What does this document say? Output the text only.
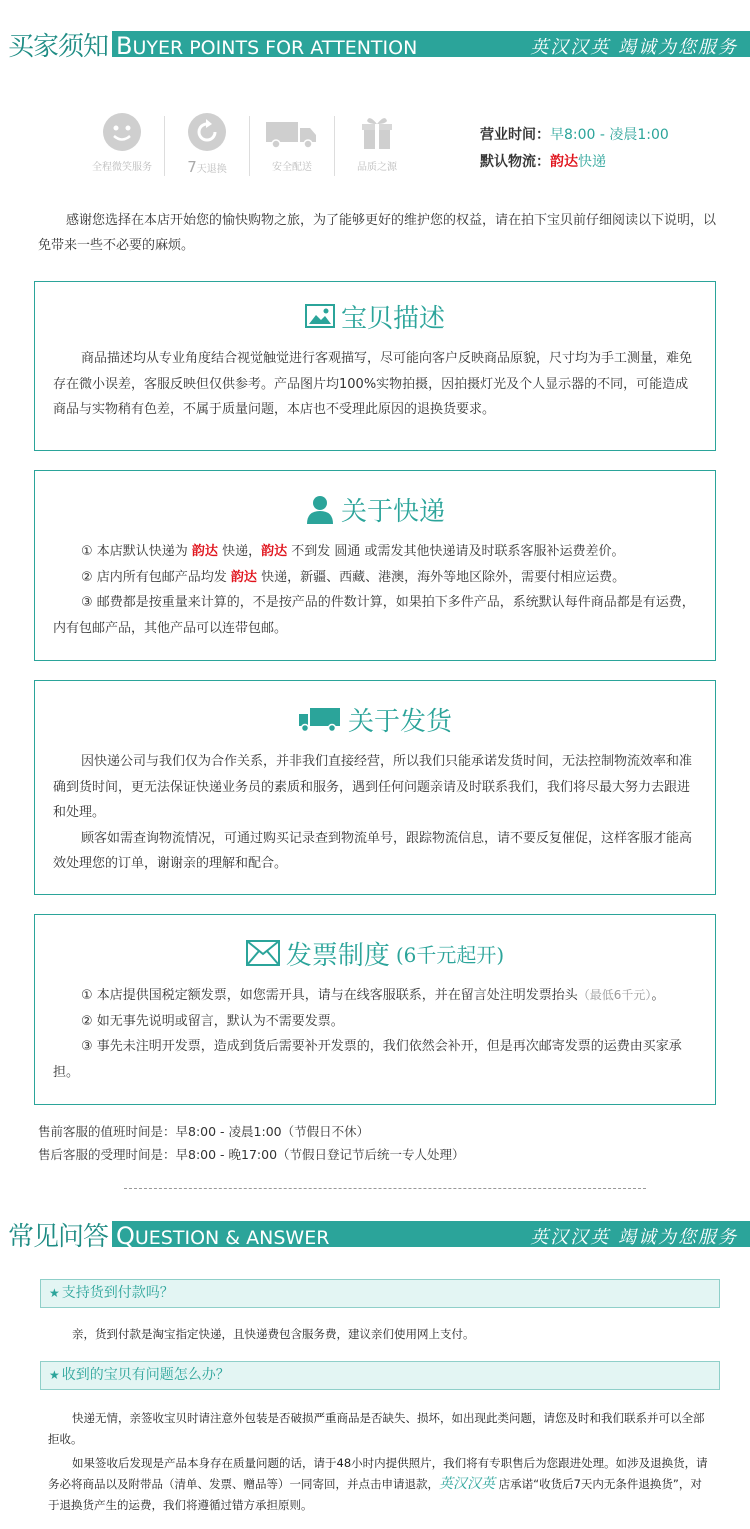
买家须知 BUYER POINTS FOR ATTENTION	英汉汉英 竭诚为您服务
全程微笑服务 7天退换	安全配送	品质之源
营业时间：早8:00 - 凌晨1:00
默认物流：韵达快递
感谢您选择在本店开始您的愉快购物之旅，为了能够更好的维护您的权益，请在拍下宝贝前仔细阅读以下说明，以免带来一些不必要的麻烦。
宝贝描述

商品描述均从专业角度结合视觉触觉进行客观描写，尽可能向客户反映商品原貌，尺寸均为手工测量，难免存在微小误差，客服反映但仅供参考。产品图片均100%实物拍摄，因拍摄灯光及个人显示器的不同，可能造成商品与实物稍有色差，不属于质量问题，本店也不受理此原因的退换货要求。

关于快递

① 本店默认快递为 韵达 快递，韵达 不到发 圆通 或需发其他快递请及时联系客服补运费差价。

② 店内所有包邮产品均发 韵达 快递，新疆、西藏、港澳，海外等地区除外，需要付相应运费。

③ 邮费都是按重量来计算的，不是按产品的件数计算，如果拍下多件产品，系统默认每件商品都是有运费，内有包邮产品，其他产品可以连带包邮。

关于发货

因快递公司与我们仅为合作关系，并非我们直接经营，所以我们只能承诺发货时间，无法控制物流效率和准确到货时间，更无法保证快递业务员的素质和服务，遇到任何问题亲请及时联系我们，我们将尽最大努力去跟进和处理。

顾客如需查询物流情况，可通过购买记录查到物流单号，跟踪物流信息，请不要反复催促，这样客服才能高效处理您的订单，谢谢亲的理解和配合。

发票制度 (6千元起开)

① 本店提供国税定额发票，如您需开具，请与在线客服联系，并在留言处注明发票抬头（最低6千元）。

② 如无事先说明或留言，默认为不需要发票。

③ 事先未注明开发票，造成到货后需要补开发票的，我们依然会补开，但是再次邮寄发票的运费由买家承担。

售前客服的值班时间是：早8:00 - 凌晨1:00（节假日不休）
售后客服的受理时间是：早8:00 - 晚17:00（节假日登记节后统一专人处理）
常见问答 QUESTION & ANSWER	英汉汉英 竭诚为您服务
★ 支持货到付款吗？
亲，货到付款是淘宝指定快递，且快递费包含服务费，建议亲们使用网上支付。
★ 收到的宝贝有问题怎么办？
快递无情，亲签收宝贝时请注意外包装是否破损严重商品是否缺失、损坏，如出现此类问题，请您及时和我们联系并可以全部拒收。
如果签收后发现是产品本身存在质量问题的话，请于48小时内提供照片，我们将有专职售后为您跟进处理。如涉及退换货，请务必将商品以及附带品（清单、发票、赠品等）一同寄回，并点击申请退款，英汉汉英 店承诺“收货后7天内无条件退换货”，对于退换货产生的运费，我们将遵循过错方承担原则。
